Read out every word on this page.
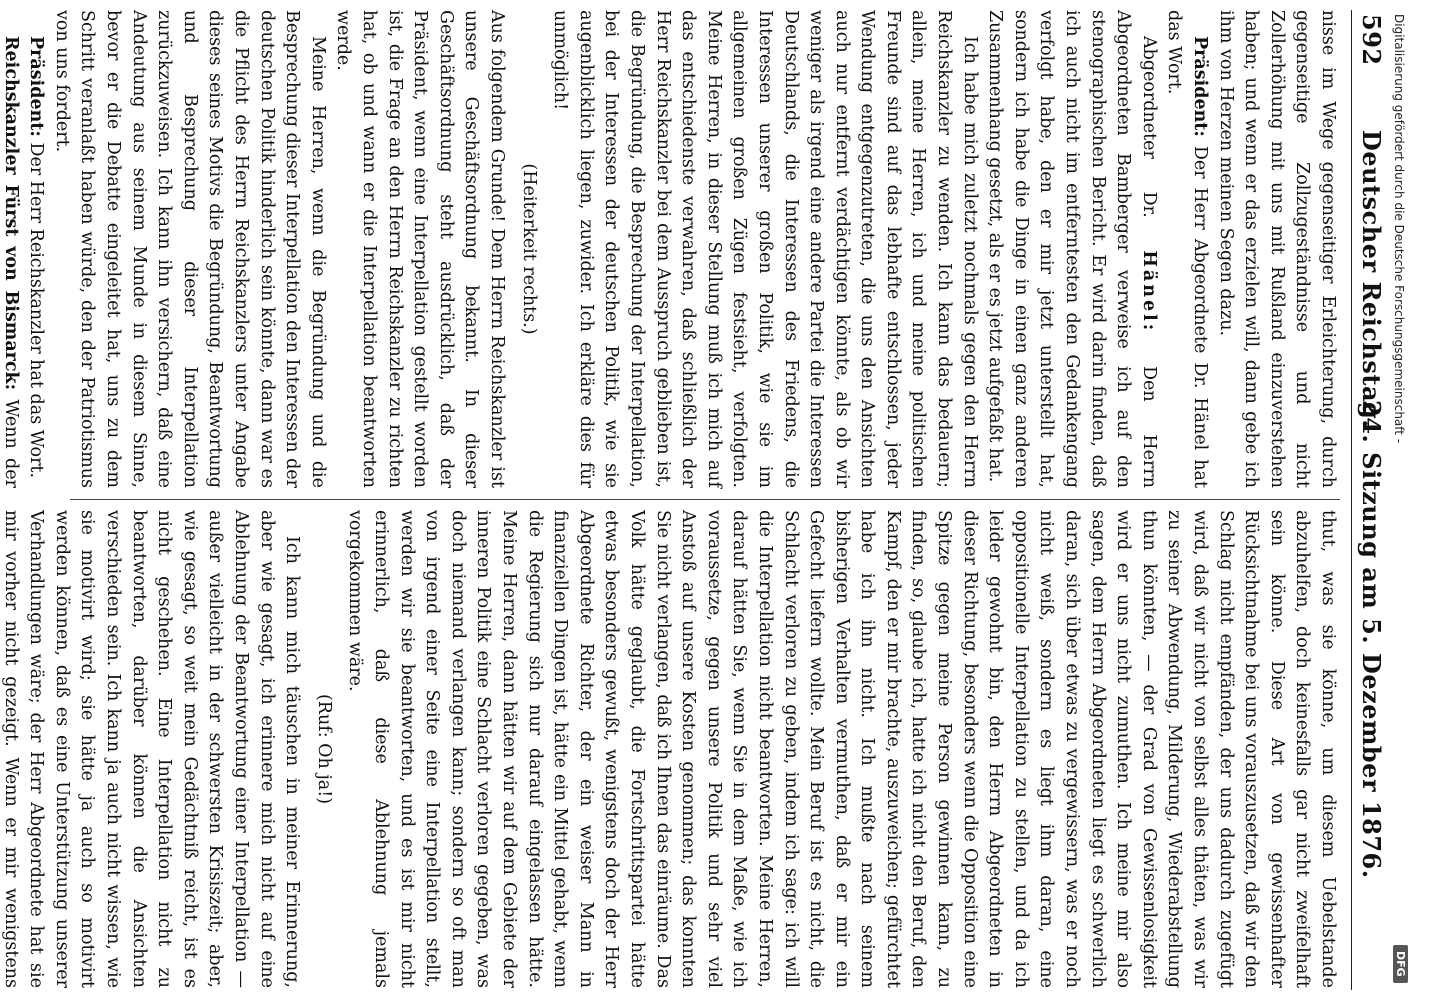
592
Deutscher Reichstag.
24. Sitzung am 5. Dezember 1876.

nisse im Wege gegenseitiger Erleichterung, durch gegenseitige Zollzugeständnisse und nicht Zollerhöhung mit uns mit Rußland einzuverstehen haben; und wenn er das erzielen will, dann gebe ich ihm von Herzen meinen Segen dazu.

Präsident: Der Herr Abgeordnete Dr. Hänel hat das Wort.

Abgeordneter Dr. Hänel: Den Herrn Abgeordneten Bamberger verweise ich auf den stenographischen Bericht. Er wird darin finden, daß ich auch nicht im entferntesten den Gedankengang verfolgt habe, den er mir jetzt unterstellt hat, sondern ich habe die Dinge in einen ganz anderen Zusammenhang gesetzt, als er es jetzt aufgefaßt hat.

Ich habe mich zuletzt nochmals gegen den Herrn Reichskanzler zu wenden. Ich kann das bedauern; allein, meine Herren, ich und meine politischen Freunde sind auf das lebhafte entschlossen, jeder Wendung entgegenzutreten, die uns den Ansichten auch nur entfernt verdächtigen könnte, als ob wir weniger als irgend eine andere Partei die Interessen Deutschlands, die Interessen des Friedens, die Interessen unserer großen Politik, wie sie im allgemeinen großen Zügen festsieht, verfolgten. Meine Herren, in dieser Stellung muß ich mich auf das entschiedenste verwahren, daß schließlich der Herr Reichskanzler bei dem Ausspruch geblieben ist, die Begründung, die Besprechung der Interpellation, bei der Interessen der deutschen Politik, wie sie augenblicklich liegen, zuwider. Ich erkläre dies für unmöglich!

(Heiterkeit rechts.)

Aus folgendem Grunde! Dem Herrn Reichskanzler ist unsere Geschäftsordnung bekannt. In dieser Geschäftsordnung steht ausdrücklich, daß der Präsident, wenn eine Interpellation gestellt worden ist, die Frage an den Herrn Reichskanzler zu richten hat, ob und wann er die Interpellation beantworten werde.

Meine Herren, wenn die Begründung und die Besprechung dieser Interpellation den Interessen der deutschen Politik hinderlich sein könnte, dann war es die Pflicht des Herrn Reichskanzlers unter Angabe dieses seines Motivs die Begründung, Beantwortung und Besprechung dieser Interpellation zurückzuweisen. Ich kann ihn versichern, daß eine Andeutung aus seinem Munde in diesem Sinne, bevor er die Debatte eingeleitet hat, uns zu dem Schritt veranlaßt haben würde, den der Patriotismus von uns fordert.

Präsident: Der Herr Reichskanzler hat das Wort.

Reichskanzler Fürst von Bismarck: Wenn der

thut, was sie könne, um diesem Uebelstande abzuhelfen, doch keinesfalls gar nicht zweifelhaft sein könne. Diese Art von gewissenhafter Rücksichtnahme bei uns vorauszusetzen, daß wir den Schlag nicht empfänden, der uns dadurch zugefügt wird, daß wir nicht von selbst alles thäten, was wir zu seiner Abwendung, Milderung, Wiederabstellung thun könnten, — der Grad von Gewissenlosigkeit wird er uns nicht zumuthen. Ich meine mir also sagen, dem Herrn Abgeordneten liegt es schwerlich daran, sich über etwas zu vergewissern, was er noch nicht weiß, sondern es liegt ihm daran, eine oppositionelle Interpellation zu stellen, und da ich leider gewohnt bin, den Herrn Abgeordneten in dieser Richtung, besonders wenn die Opposition eine Spitze gegen meine Person gewinnen kann, zu finden, so, glaube ich, hatte ich nicht den Beruf, den Kampf, den er mir brachte, auszuweichen; gefürchtet habe ich ihn nicht. Ich mußte nach seinem bisherigen Verhalten vermuthen, daß er mir ein Gefecht liefern wollte. Mein Beruf ist es nicht, die Schlacht verloren zu geben, indem ich sage: ich will die Interpellation nicht beantworten. Meine Herren, darauf hätten Sie, wenn Sie in dem Maße, wie ich voraussetze, gegen unsere Politik und sehr viel Anstoß auf unsere Kosten genommen; das konnten Sie nicht verlangen, daß ich Ihnen das einräume. Das Volk hätte geglaubt, die Fortschrittspartei hätte etwas besonders gewußt, wenigstens doch der Herr Abgeordnete Richter, der ein weiser Mann in finanziellen Dingen ist, hätte ein Mittel gehabt, wenn die Regierung sich nur darauf eingelassen hätte. Meine Herren, dann hätten wir auf dem Gebiete der inneren Politik eine Schlacht verloren gegeben, was doch niemand verlangen kann; sondern so oft man von irgend einer Seite eine Interpellation stellt, werden wir sie beantworten, und es ist mir nicht erinnerlich, daß diese Ablehnung jemals vorgekommen wäre.

(Ruf: Oh ja!)

Ich kann mich täuschen in meiner Erinnerung, aber wie gesagt, ich erinnere mich nicht auf eine Ablehnung der Beantwortung einer Interpellation — außer vielleicht in der schwersten Krisiszeit; aber, wie gesagt, so weit mein Gedächtniß reicht, ist es nicht geschehen. Eine Interpellation nicht zu beantworten, darüber können die Ansichten verschieden sein. Ich kann ja auch nicht wissen, wie sie motivirt wird; sie hätte ja auch so motivirt werden können, daß es eine Unterstützung unserer Verhandlungen wäre; der Herr Abgeordnete hat sie mir vorher nicht gezeigt. Wenn er mir wenigstens

Digitalisierung gefördert durch die Deutsche Forschungsgemeinschaft -
DFG
